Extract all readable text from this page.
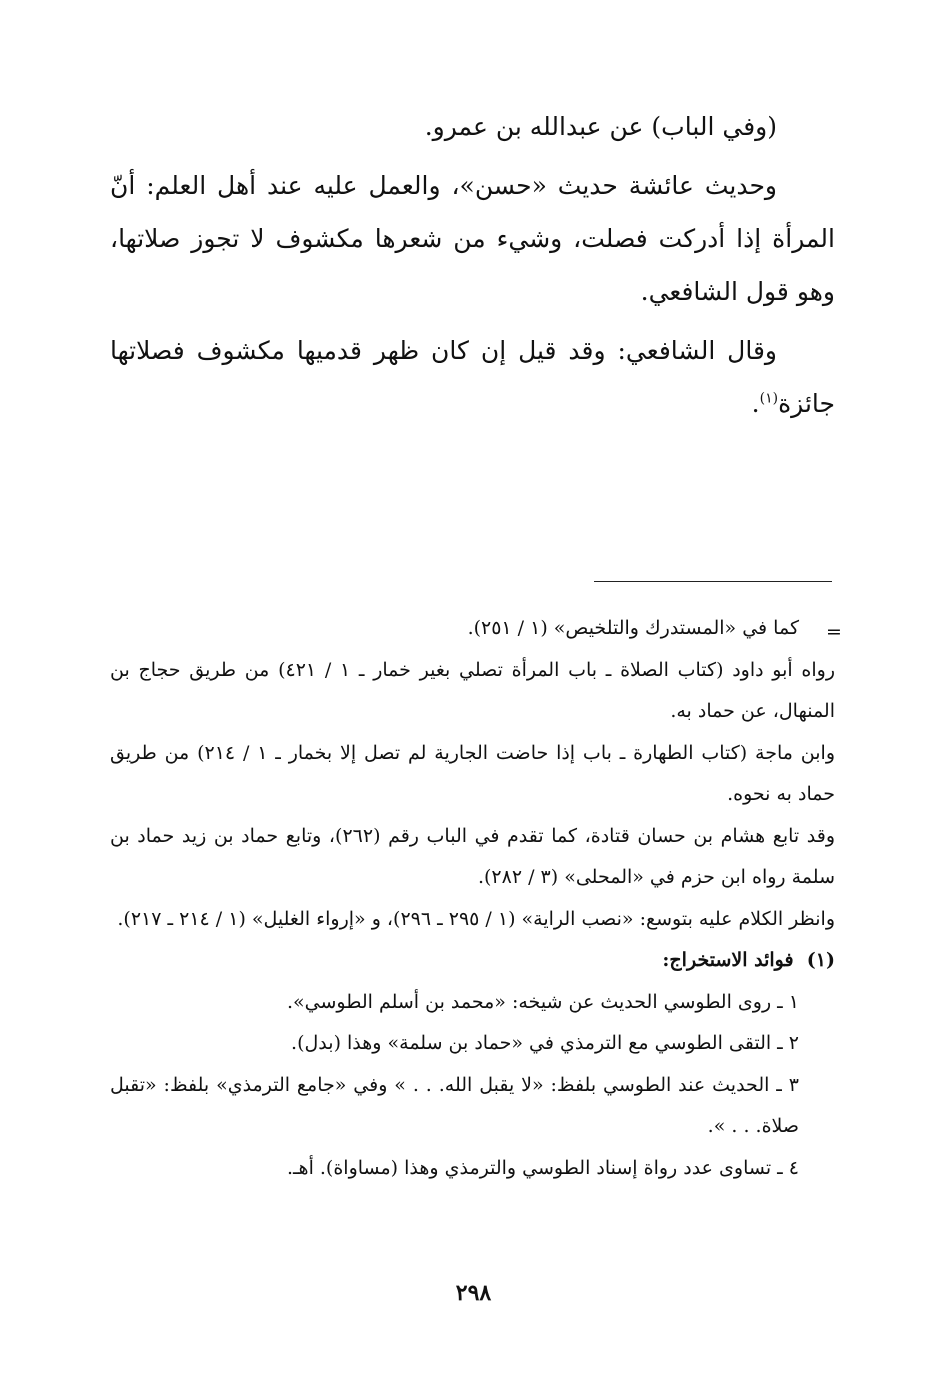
(وفي الباب) عن عبدالله بن عمرو.

وحديث عائشة حديث «حسن»، والعمل عليه عند أهل العلم: أنّ المرأة إذا أدركت فصلت، وشيء من شعرها مكشوف لا تجوز صلاتها، وهو قول الشافعي.

وقال الشافعي: وقد قيل إن كان ظهر قدميها مكشوف فصلاتها جائزة$^{(١)}$.

=

كما في «المستدرك والتلخيص» (١ / ٢٥١).

رواه أبو داود (كتاب الصلاة ـ باب المرأة تصلي بغير خمار ـ ١ / ٤٢١) من طريق حجاج بن المنهال، عن حماد به.

وابن ماجة (كتاب الطهارة ـ باب إذا حاضت الجارية لم تصل إلا بخمار ـ ١ / ٢١٤) من طريق حماد به نحوه.

وقد تابع هشام بن حسان قتادة، كما تقدم في الباب رقم (٢٦٢)، وتابع حماد بن زيد حماد بن سلمة رواه ابن حزم في «المحلى» (٣ / ٢٨٢).

وانظر الكلام عليه بتوسع: «نصب الراية» (١ / ٢٩٥ ـ ٢٩٦)، و «إرواء الغليل» (١ / ٢١٤ ـ ٢١٧).

(١)  فوائد الاستخراج:

١ ـ روى الطوسي الحديث عن شيخه: «محمد بن أسلم الطوسي».

٢ ـ التقى الطوسي مع الترمذي في «حماد بن سلمة» وهذا (بدل).

٣ ـ الحديث عند الطوسي بلفظ: «لا يقبل الله. . . » وفي «جامع الترمذي» بلفظ: «تقبل صلاة. . . ».

٤ ـ تساوى عدد رواة إسناد الطوسي والترمذي وهذا (مساواة). أهـ.

٢٩٨
